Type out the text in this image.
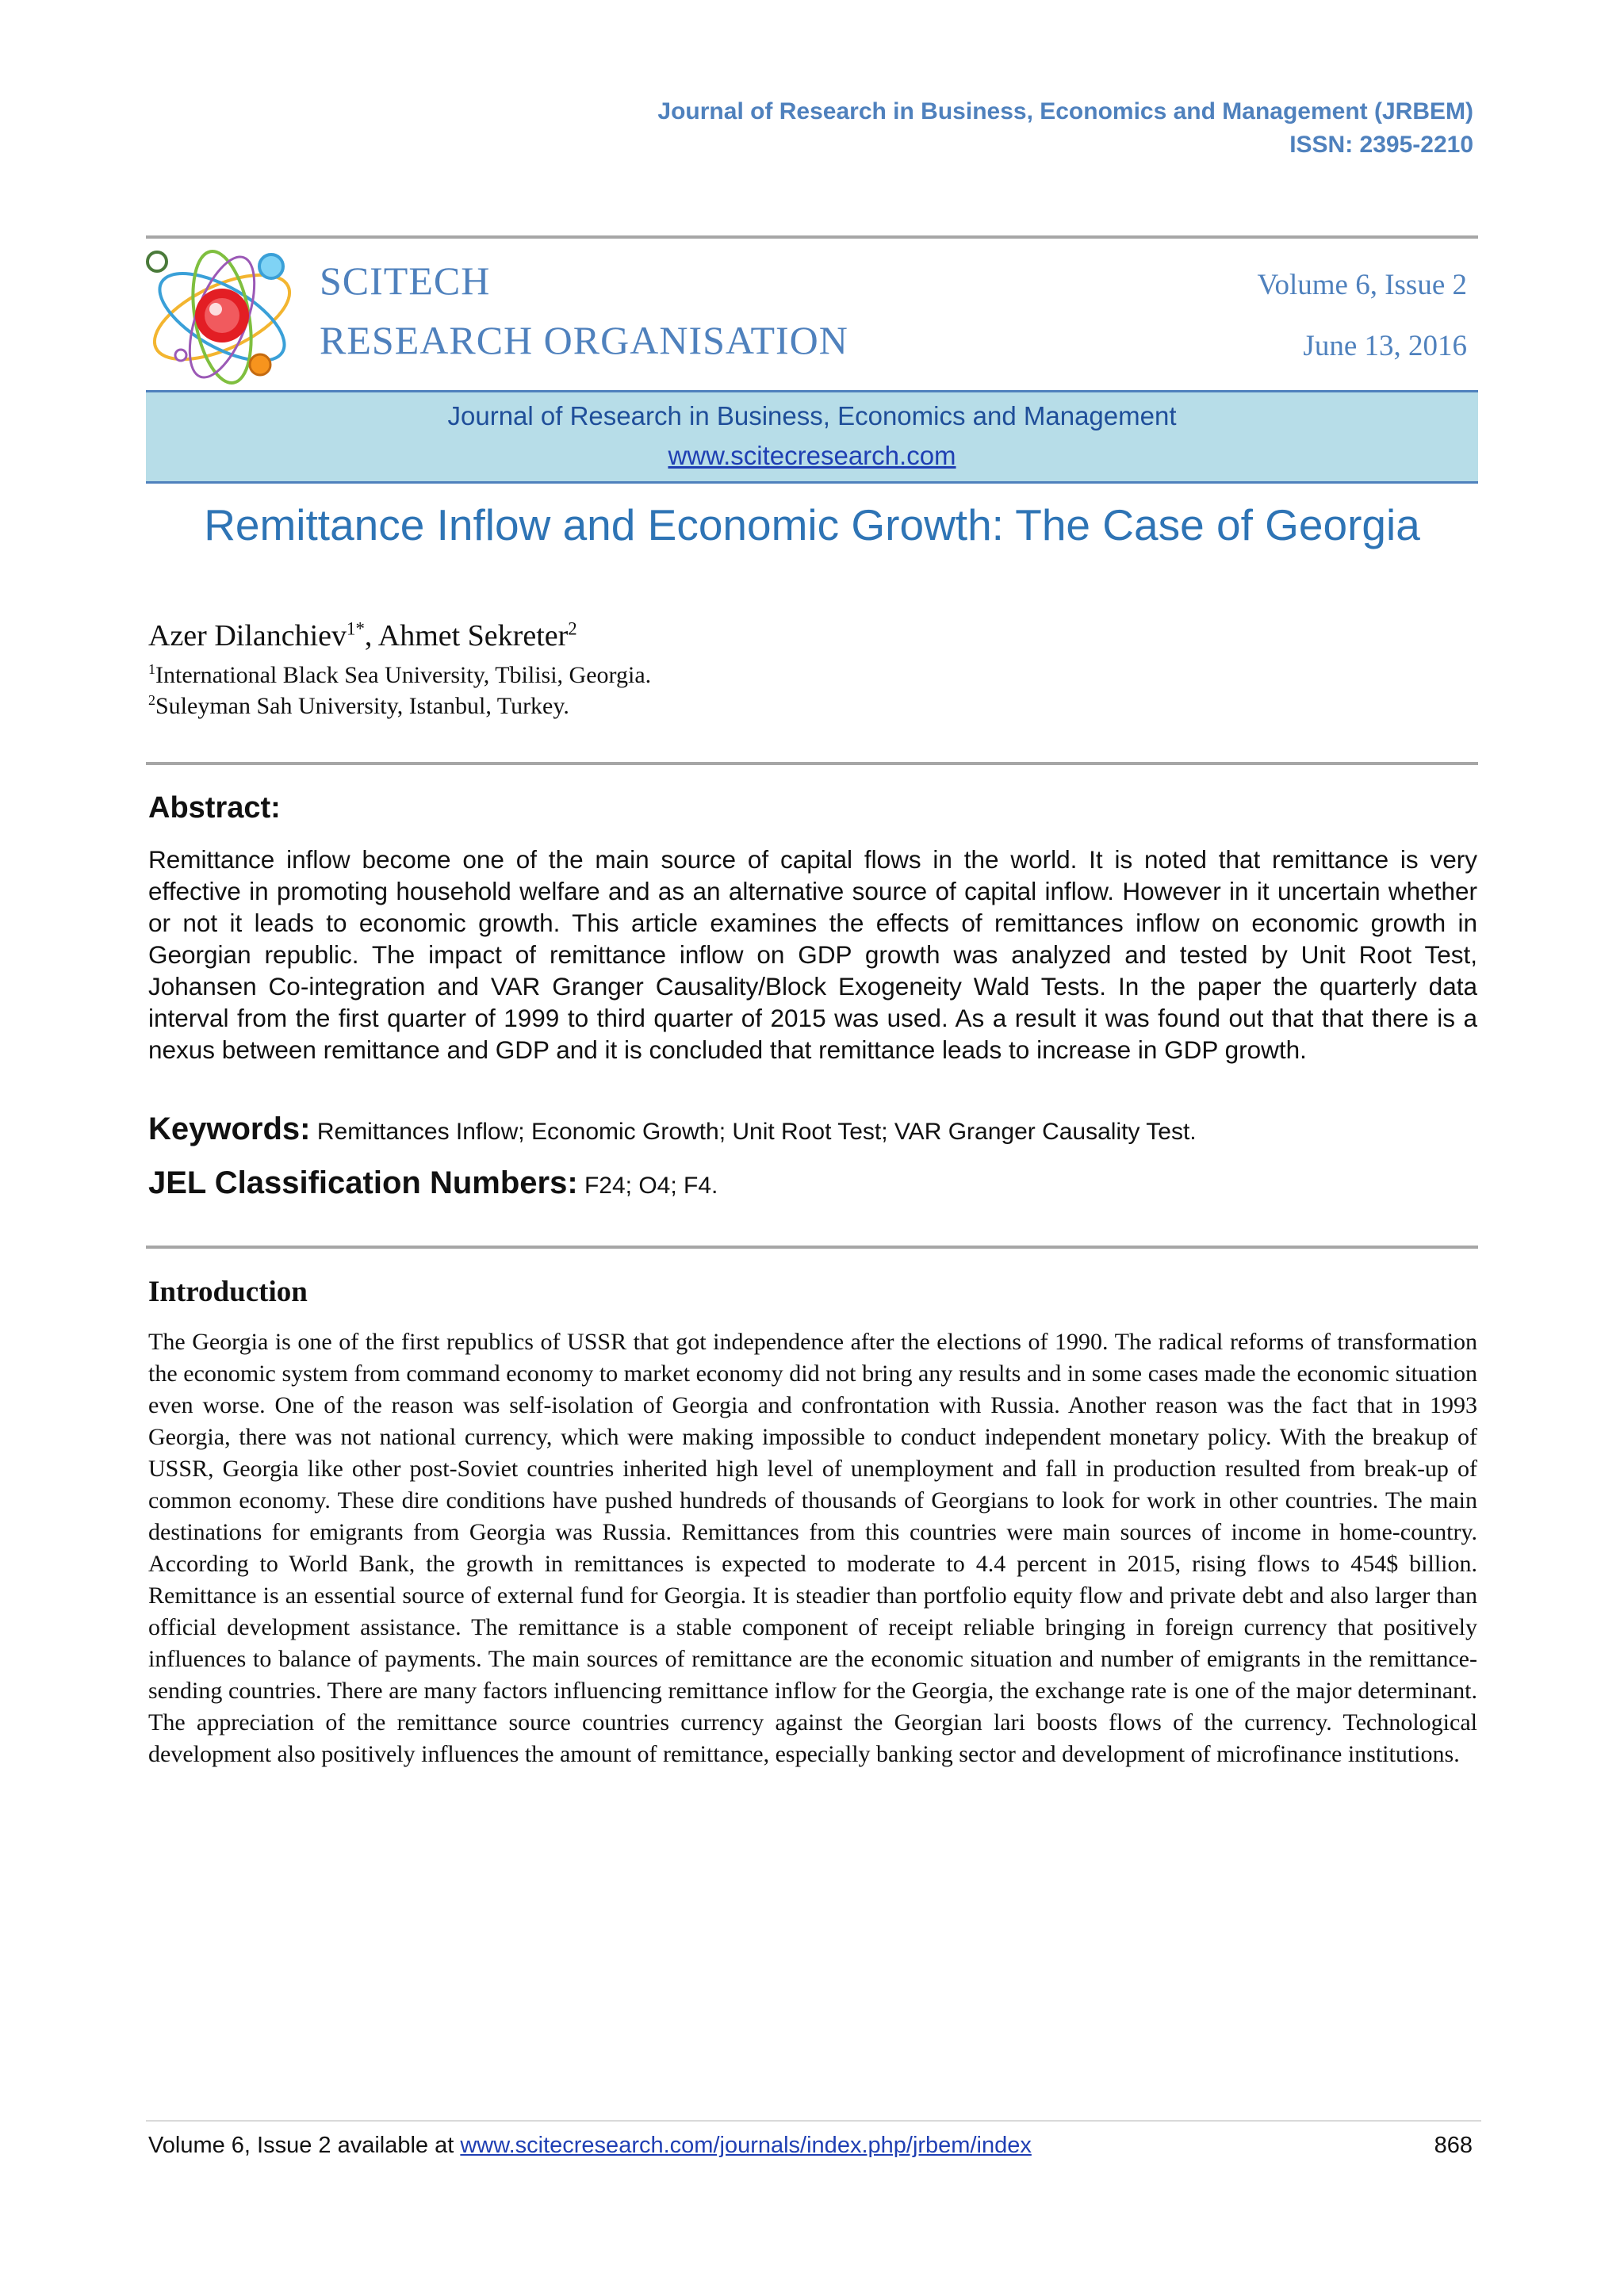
Journal of Research in Business, Economics and Management (JRBEM)
ISSN: 2395-2210
SCITECH
RESEARCH ORGANISATION
Volume 6, Issue 2
June 13, 2016
Journal of Research in Business, Economics and Management
www.scitecresearch.com
Remittance Inflow and Economic Growth: The Case of Georgia
Azer Dilanchiev$^{1*}$, Ahmet Sekreter$^2$
$^1$International Black Sea University, Tbilisi, Georgia.
$^2$Suleyman Sah University, Istanbul, Turkey.
Abstract:
Remittance inflow become one of the main source of capital flows in the world. It is noted that remittance is very effective in promoting household welfare and as an alternative source of capital inflow. However in it uncertain whether or not it leads to economic growth. This article examines the effects of remittances inflow on economic growth in Georgian republic. The impact of remittance inflow on GDP growth was analyzed and tested by Unit Root Test, Johansen Co-integration and VAR Granger Causality/Block Exogeneity Wald Tests. In the paper the quarterly data interval from the first quarter of 1999 to third quarter of 2015 was used. As a result it was found out that that there is a nexus between remittance and GDP and it is concluded that remittance leads to increase in GDP growth.
Keywords: Remittances Inflow; Economic Growth; Unit Root Test; VAR Granger Causality Test.
JEL Classification Numbers: F24; O4; F4.
Introduction
The Georgia is one of the first republics of USSR that got independence after the elections of 1990. The radical reforms of transformation the economic system from command economy to market economy did not bring any results and in some cases made the economic situation even worse. One of the reason was self-isolation of Georgia and confrontation with Russia. Another reason was the fact that in 1993 Georgia, there was not national currency, which were making impossible to conduct independent monetary policy. With the breakup of USSR, Georgia like other post-Soviet countries inherited high level of unemployment and fall in production resulted from break-up of common economy. These dire conditions have pushed hundreds of thousands of Georgians to look for work in other countries. The main destinations for emigrants from Georgia was Russia. Remittances from this countries were main sources of income in home-country. According to World Bank, the growth in remittances is expected to moderate to 4.4 percent in 2015, rising flows to 454$ billion. Remittance is an essential source of external fund for Georgia. It is steadier than portfolio equity flow and private debt and also larger than official development assistance. The remittance is a stable component of receipt reliable bringing in foreign currency that positively influences to balance of payments. The main sources of remittance are the economic situation and number of emigrants in the remittance-sending countries. There are many factors influencing remittance inflow for the Georgia, the exchange rate is one of the major determinant. The appreciation of the remittance source countries currency against the Georgian lari boosts flows of the currency. Technological development also positively influences the amount of remittance, especially banking sector and development of microfinance institutions.
Volume 6, Issue 2 available at www.scitecresearch.com/journals/index.php/jrbem/index	868
